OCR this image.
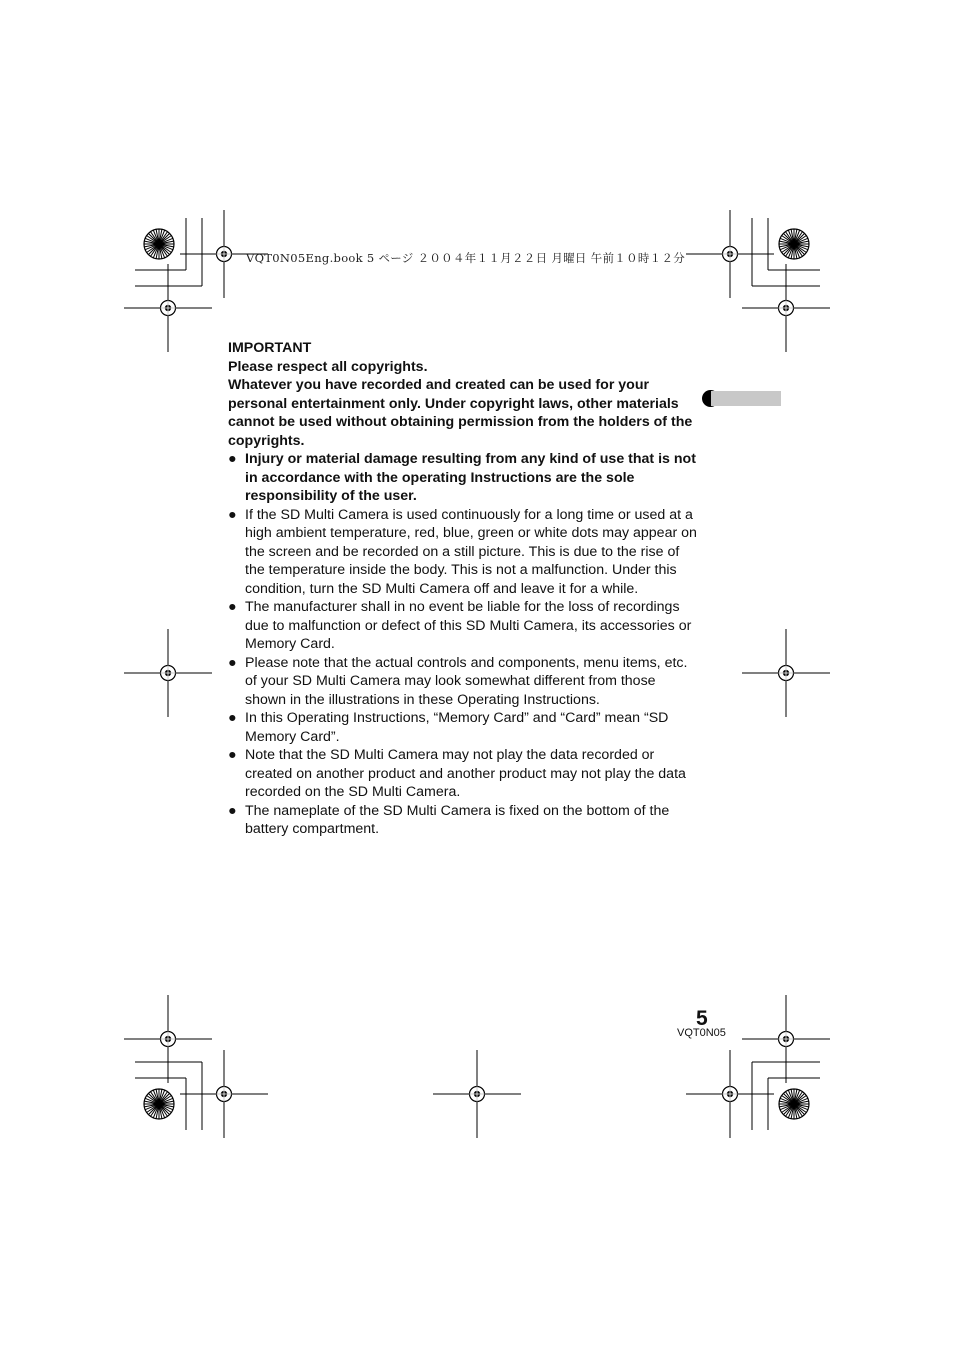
VQT0N05Eng.book 5 ページ ２００４年１１月２２日 月曜日 午前１０時１２分

IMPORTANT

Please respect all copyrights.

Whatever you have recorded and created can be used for your personal entertainment only. Under copyright laws, other materials cannot be used without obtaining permission from the holders of the copyrights.

● Injury or material damage resulting from any kind of use that is not in accordance with the operating Instructions are the sole responsibility of the user.
● If the SD Multi Camera is used continuously for a long time or used at a high ambient temperature, red, blue, green or white dots may appear on the screen and be recorded on a still picture. This is due to the rise of the temperature inside the body. This is not a malfunction. Under this condition, turn the SD Multi Camera off and leave it for a while.
● The manufacturer shall in no event be liable for the loss of recordings due to malfunction or defect of this SD Multi Camera, its accessories or Memory Card.
● Please note that the actual controls and components, menu items, etc. of your SD Multi Camera may look somewhat different from those shown in the illustrations in these Operating Instructions.
● In this Operating Instructions, “Memory Card” and “Card” mean “SD Memory Card”.
● Note that the SD Multi Camera may not play the data recorded or created on another product and another product may not play the data recorded on the SD Multi Camera.
● The nameplate of the SD Multi Camera is fixed on the bottom of the battery compartment.
5
VQT0N05
